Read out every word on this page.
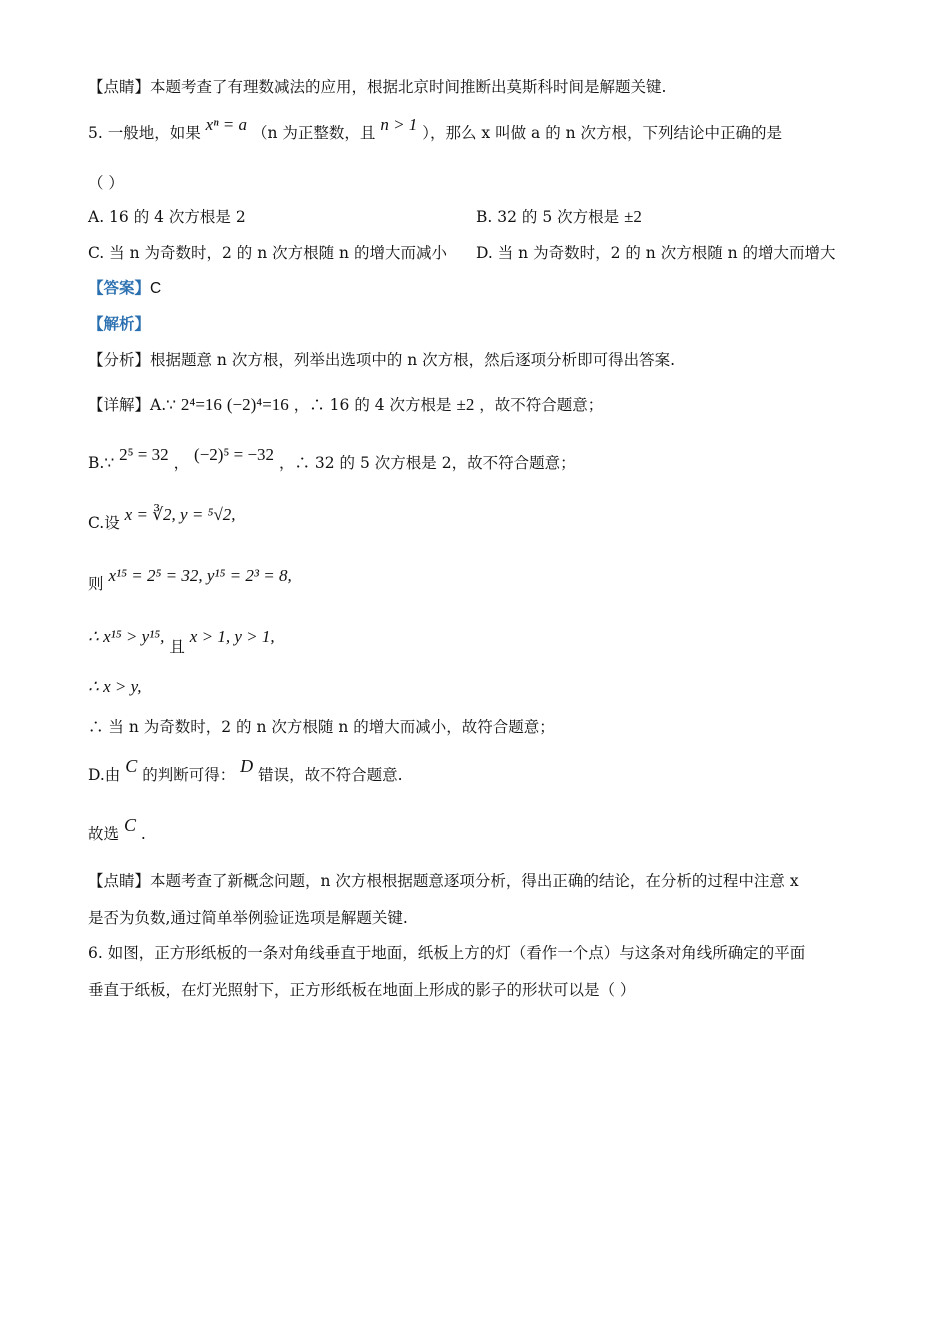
【点睛】本题考查了有理数减法的应用，根据北京时间推断出莫斯科时间是解题关键.
5. 一般地，如果 xⁿ = a （n 为正整数，且 n > 1 ），那么 x 叫做 a 的 n 次方根，下列结论中正确的是
（ ）
A. 16 的 4 次方根是 2	B. 32 的 5 次方根是 ±2
C. 当 n 为奇数时，2 的 n 次方根随 n 的增大而减小 D. 当 n 为奇数时，2 的 n 次方根随 n 的增大而增大
【答案】C
【解析】
【分析】根据题意 n 次方根，列举出选项中的 n 次方根，然后逐项分析即可得出答案.
【详解】A.∵ 2⁴=16 (−2)⁴=16 ，∴ 16 的 4 次方根是 ±2 ，故不符合题意；
B.∵ 2⁵ = 32 ， (−2)⁵ = −32 ，∴ 32 的 5 次方根是 2，故不符合题意；
C.设 x = ∛2, y = ⁵√2,
则 x¹⁵ = 2⁵ = 32, y¹⁵ = 2³ = 8,
∴ x¹⁵ > y¹⁵, 且 x > 1, y > 1,
∴ x > y,
∴ 当 n 为奇数时，2 的 n 次方根随 n 的增大而减小，故符合题意；
D.由 C 的判断可得： D 错误，故不符合题意.
故选 C .
【点睛】本题考查了新概念问题，n 次方根根据题意逐项分析，得出正确的结论，在分析的过程中注意 x
是否为负数,通过简单举例验证选项是解题关键.
6. 如图，正方形纸板的一条对角线垂直于地面，纸板上方的灯（看作一个点）与这条对角线所确定的平面
垂直于纸板，在灯光照射下，正方形纸板在地面上形成的影子的形状可以是（ ）
